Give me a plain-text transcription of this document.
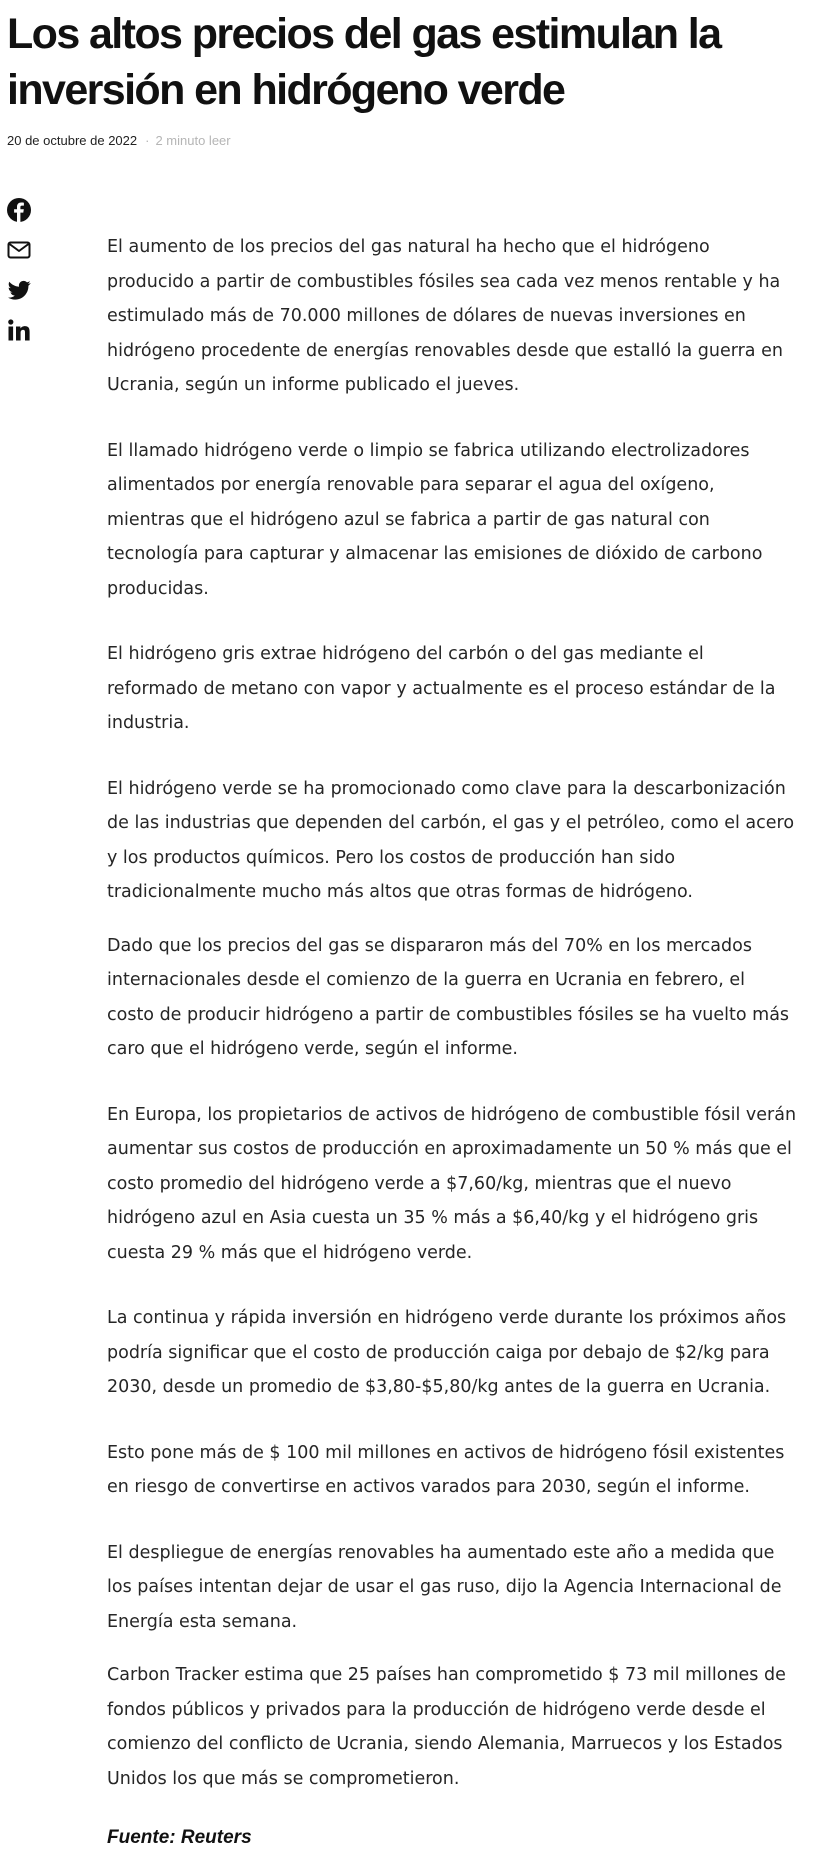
Los altos precios del gas estimulan la inversión en hidrógeno verde
20 de octubre de 2022 · 2 minuto leer

El aumento de los precios del gas natural ha hecho que el hidrógeno producido a partir de combustibles fósiles sea cada vez menos rentable y ha estimulado más de 70.000 millones de dólares de nuevas inversiones en hidrógeno procedente de energías renovables desde que estalló la guerra en Ucrania, según un informe publicado el jueves.

El llamado hidrógeno verde o limpio se fabrica utilizando electrolizadores alimentados por energía renovable para separar el agua del oxígeno, mientras que el hidrógeno azul se fabrica a partir de gas natural con tecnología para capturar y almacenar las emisiones de dióxido de carbono producidas.

El hidrógeno gris extrae hidrógeno del carbón o del gas mediante el reformado de metano con vapor y actualmente es el proceso estándar de la industria.

El hidrógeno verde se ha promocionado como clave para la descarbonización de las industrias que dependen del carbón, el gas y el petróleo, como el acero y los productos químicos. Pero los costos de producción han sido tradicionalmente mucho más altos que otras formas de hidrógeno.

Dado que los precios del gas se dispararon más del 70% en los mercados internacionales desde el comienzo de la guerra en Ucrania en febrero, el costo de producir hidrógeno a partir de combustibles fósiles se ha vuelto más caro que el hidrógeno verde, según el informe.

En Europa, los propietarios de activos de hidrógeno de combustible fósil verán aumentar sus costos de producción en aproximadamente un 50 % más que el costo promedio del hidrógeno verde a $7,60/kg, mientras que el nuevo hidrógeno azul en Asia cuesta un 35 % más a $6,40/kg y el hidrógeno gris cuesta 29 % más que el hidrógeno verde.

La continua y rápida inversión en hidrógeno verde durante los próximos años podría significar que el costo de producción caiga por debajo de $2/kg para 2030, desde un promedio de $3,80-$5,80/kg antes de la guerra en Ucrania.

Esto pone más de $ 100 mil millones en activos de hidrógeno fósil existentes en riesgo de convertirse en activos varados para 2030, según el informe.

El despliegue de energías renovables ha aumentado este año a medida que los países intentan dejar de usar el gas ruso, dijo la Agencia Internacional de Energía esta semana.

Carbon Tracker estima que 25 países han comprometido $ 73 mil millones de fondos públicos y privados para la producción de hidrógeno verde desde el comienzo del conflicto de Ucrania, siendo Alemania, Marruecos y los Estados Unidos los que más se comprometieron.

Fuente: Reuters
